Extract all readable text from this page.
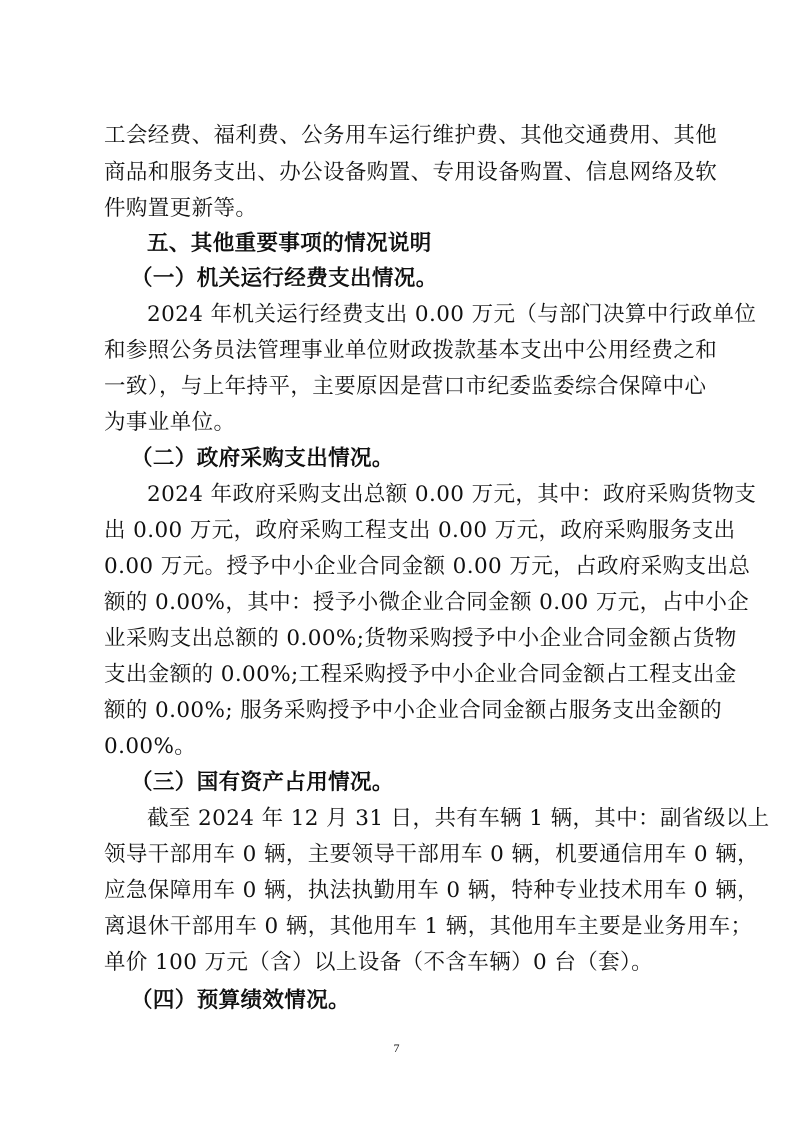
工会经费、福利费、公务用车运行维护费、其他交通费用、其他
商品和服务支出、办公设备购置、专用设备购置、信息网络及软
件购置更新等。
五、其他重要事项的情况说明
（一）机关运行经费支出情况。
2024 年机关运行经费支出 0.00 万元（与部门决算中行政单位
和参照公务员法管理事业单位财政拨款基本支出中公用经费之和
一致），与上年持平，主要原因是营口市纪委监委综合保障中心
为事业单位。
（二）政府采购支出情况。
2024 年政府采购支出总额 0.00 万元，其中：政府采购货物支
出 0.00 万元，政府采购工程支出 0.00 万元，政府采购服务支出
0.00 万元。授予中小企业合同金额 0.00 万元，占政府采购支出总
额的 0.00%，其中：授予小微企业合同金额 0.00 万元，占中小企
业采购支出总额的 0.00%;货物采购授予中小企业合同金额占货物
支出金额的 0.00%;工程采购授予中小企业合同金额占工程支出金
额的 0.00%; 服务采购授予中小企业合同金额占服务支出金额的
0.00%。
（三）国有资产占用情况。
截至 2024 年 12 月 31 日，共有车辆 1 辆，其中：副省级以上
领导干部用车 0 辆，主要领导干部用车 0 辆，机要通信用车 0 辆，
应急保障用车 0 辆，执法执勤用车 0 辆，特种专业技术用车 0 辆，
离退休干部用车 0 辆，其他用车 1 辆，其他用车主要是业务用车；
单价 100 万元（含）以上设备（不含车辆）0 台（套）。
（四）预算绩效情况。
7
